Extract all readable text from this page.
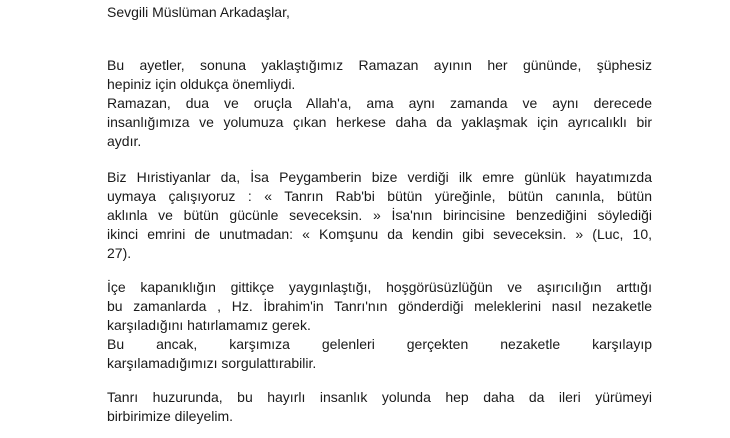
Sevgili Müslüman Arkadaşlar,
Bu ayetler, sonuna yaklaştığımız Ramazan ayının her gününde, şüphesiz
hepiniz için oldukça önemliydi.
Ramazan, dua ve oruçla Allah'a, ama aynı zamanda ve aynı derecede
insanlığımıza ve yolumuza çıkan herkese daha da yaklaşmak için ayrıcalıklı bir
aydır.
Biz Hıristiyanlar da, İsa Peygamberin bize verdiği ilk emre günlük hayatımızda
uymaya çalışıyoruz : « Tanrın Rab'bi bütün yüreğinle, bütün canınla, bütün
aklınla ve bütün gücünle seveceksin. » İsa'nın birincisine benzediğini söylediği
ikinci emrini de unutmadan: « Komşunu da kendin gibi seveceksin. » (Luc, 10,
27).
İçe kapanıklığın gittikçe yaygınlaştığı, hoşgörüsüzlüğün ve aşırıcılığın arttığı
bu zamanlarda , Hz. İbrahim'in Tanrı'nın gönderdiği meleklerini nasıl nezaketle
karşıladığını hatırlamamız gerek.
Bu ancak, karşımıza gelenleri gerçekten nezaketle karşılayıp
karşılamadığımızı sorgulattırabilir.
Tanrı huzurunda, bu hayırlı insanlık yolunda hep daha da ileri yürümeyi
birbirimize dileyelim.
